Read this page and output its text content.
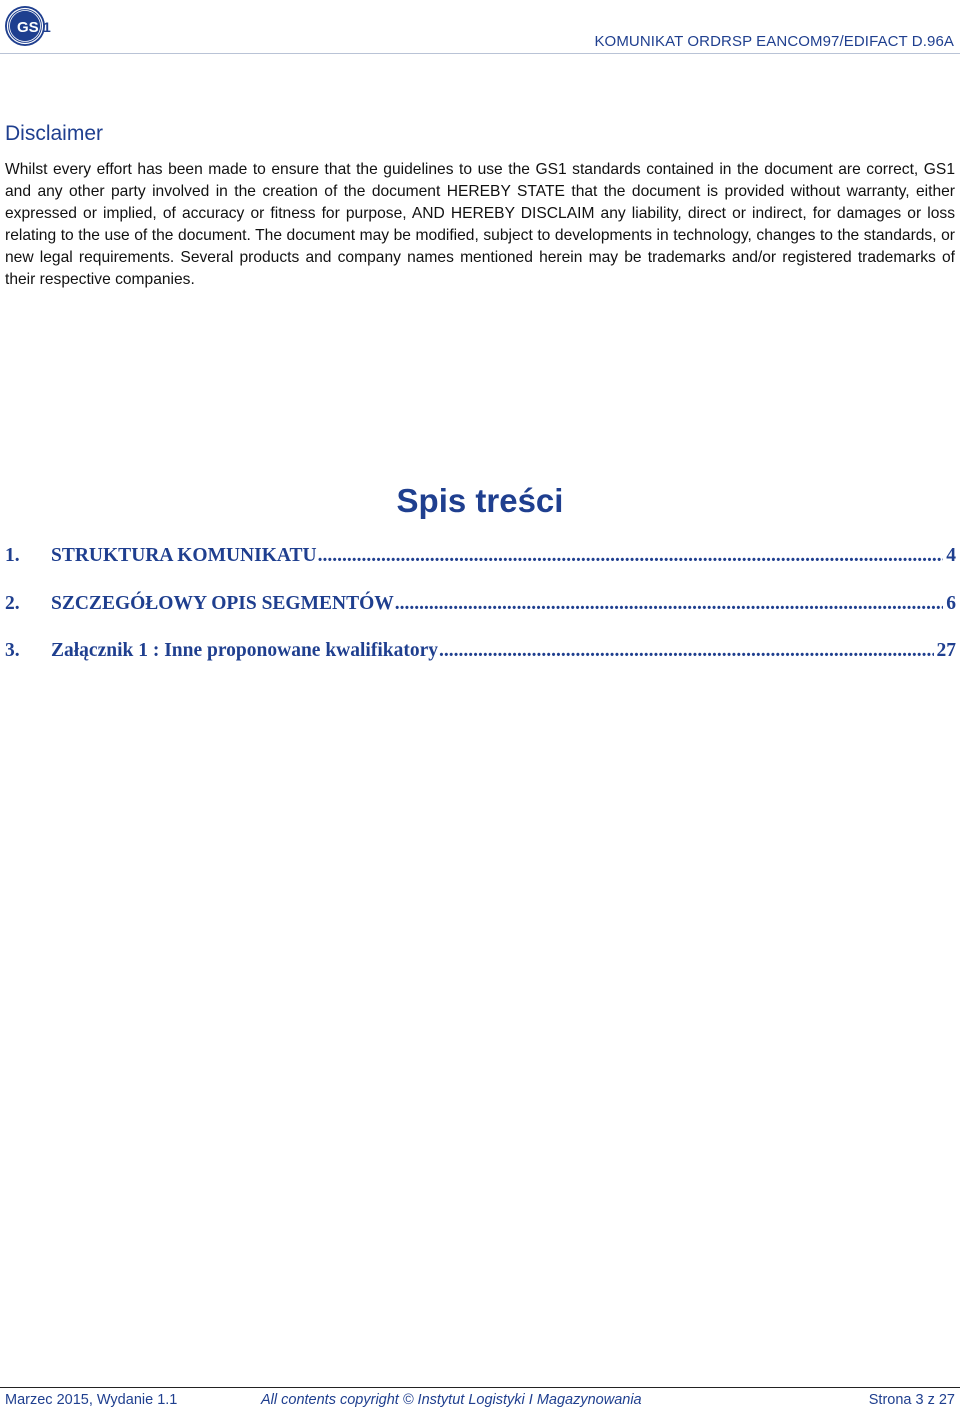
GS 1
KOMUNIKAT ORDRSP EANCOM97/EDIFACT D.96A
Disclaimer

Whilst every effort has been made to ensure that the guidelines to use the GS1 standards contained in the document are correct, GS1 and any other party involved in the creation of the document HEREBY STATE that the document is provided without warranty, either expressed or implied, of accuracy or fitness for purpose, AND HEREBY DISCLAIM any liability, direct or indirect, for damages or loss relating to the use of the document. The document may be modified, subject to developments in technology, changes to the standards, or new legal requirements. Several products and company names mentioned herein may be trademarks and/or registered trademarks of their respective companies.

Spis treści
1.	STRUKTURA KOMUNIKATU .....	4
2.	SZCZEGÓŁOWY OPIS SEGMENTÓW .....	6
3.	Załącznik 1 : Inne proponowane kwalifikatory .....	27
Marzec 2015, Wydanie 1.1	All contents copyright © Instytut Logistyki I Magazynowania	Strona 3 z 27
